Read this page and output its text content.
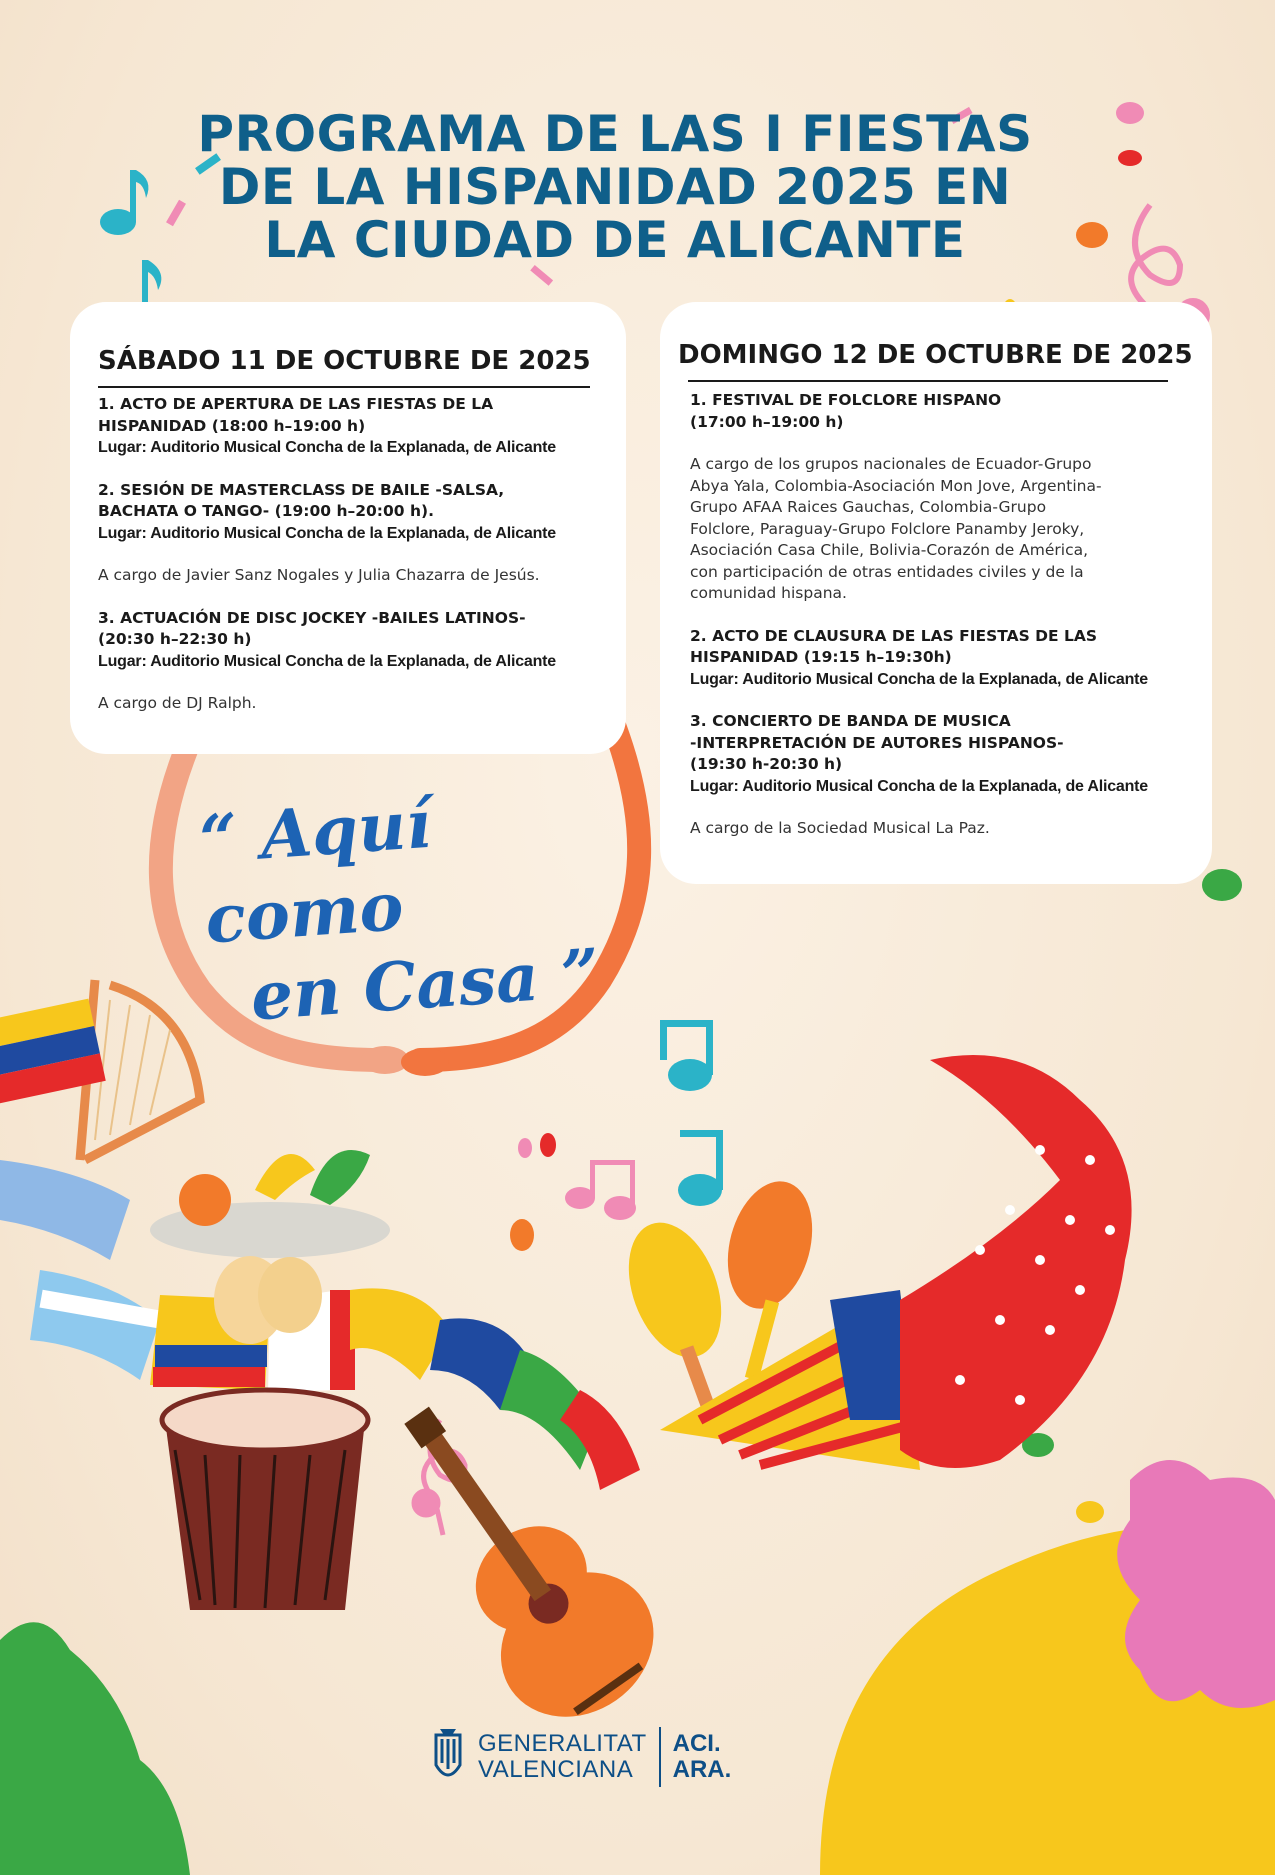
PROGRAMA DE LAS I FIESTAS
DE LA HISPANIDAD 2025 EN
LA CIUDAD DE ALICANTE
SÁBADO 11 DE OCTUBRE DE 2025
1. ACTO DE APERTURA DE LAS FIESTAS DE LA
HISPANIDAD (18:00 h–19:00 h)
Lugar: Auditorio Musical Concha de la Explanada, de Alicante
2. SESIÓN DE MASTERCLASS DE BAILE -SALSA,
BACHATA O TANGO- (19:00 h–20:00 h).
Lugar: Auditorio Musical Concha de la Explanada, de Alicante
A cargo de Javier Sanz Nogales y Julia Chazarra de Jesús.
3. ACTUACIÓN DE DISC JOCKEY -BAILES LATINOS-
(20:30 h–22:30 h)
Lugar: Auditorio Musical Concha de la Explanada, de Alicante
A cargo de DJ Ralph.
DOMINGO 12 DE OCTUBRE DE 2025
1. FESTIVAL DE FOLCLORE HISPANO
(17:00 h–19:00 h)
A cargo de los grupos nacionales de Ecuador-Grupo
Abya Yala, Colombia-Asociación Mon Jove, Argentina-
Grupo AFAA Raices Gauchas, Colombia-Grupo
Folclore, Paraguay-Grupo Folclore Panamby Jeroky,
Asociación Casa Chile, Bolivia-Corazón de América,
con participación de otras entidades civiles y de la
comunidad hispana.
2. ACTO DE CLAUSURA DE LAS FIESTAS DE LAS
HISPANIDAD (19:15 h–19:30h)
Lugar: Auditorio Musical Concha de la Explanada, de Alicante
3. CONCIERTO DE BANDA DE MUSICA
-INTERPRETACIÓN DE AUTORES HISPANOS-
(19:30 h-20:30 h)
Lugar: Auditorio Musical Concha de la Explanada, de Alicante
A cargo de la Sociedad Musical La Paz.
“ Aquí como
en Casa ”
GENERALITAT
VALENCIANA
ACI.
ARA.
